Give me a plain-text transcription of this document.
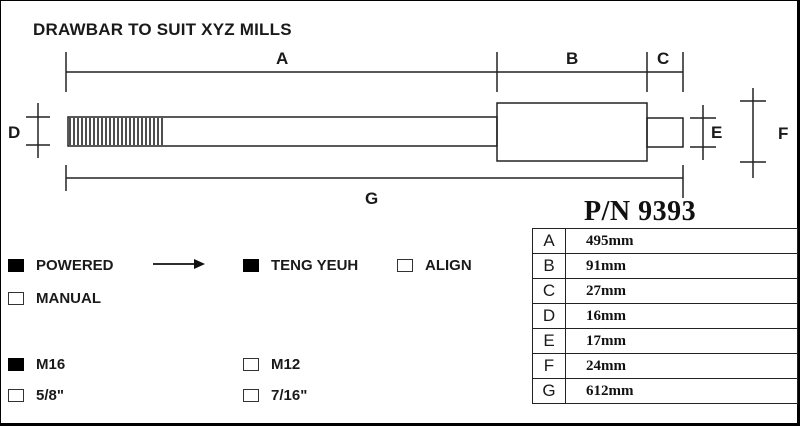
DRAWBAR TO SUIT XYZ MILLS
A	B	C
D	E	F
G	P/N 9393
POWERED	TENG YEUH	ALIGN
MANUAL
M16	M12
5/8"	7/16"
A	495mm
B	91mm
C	27mm
D	16mm
E	17mm
F	24mm
G	612mm
